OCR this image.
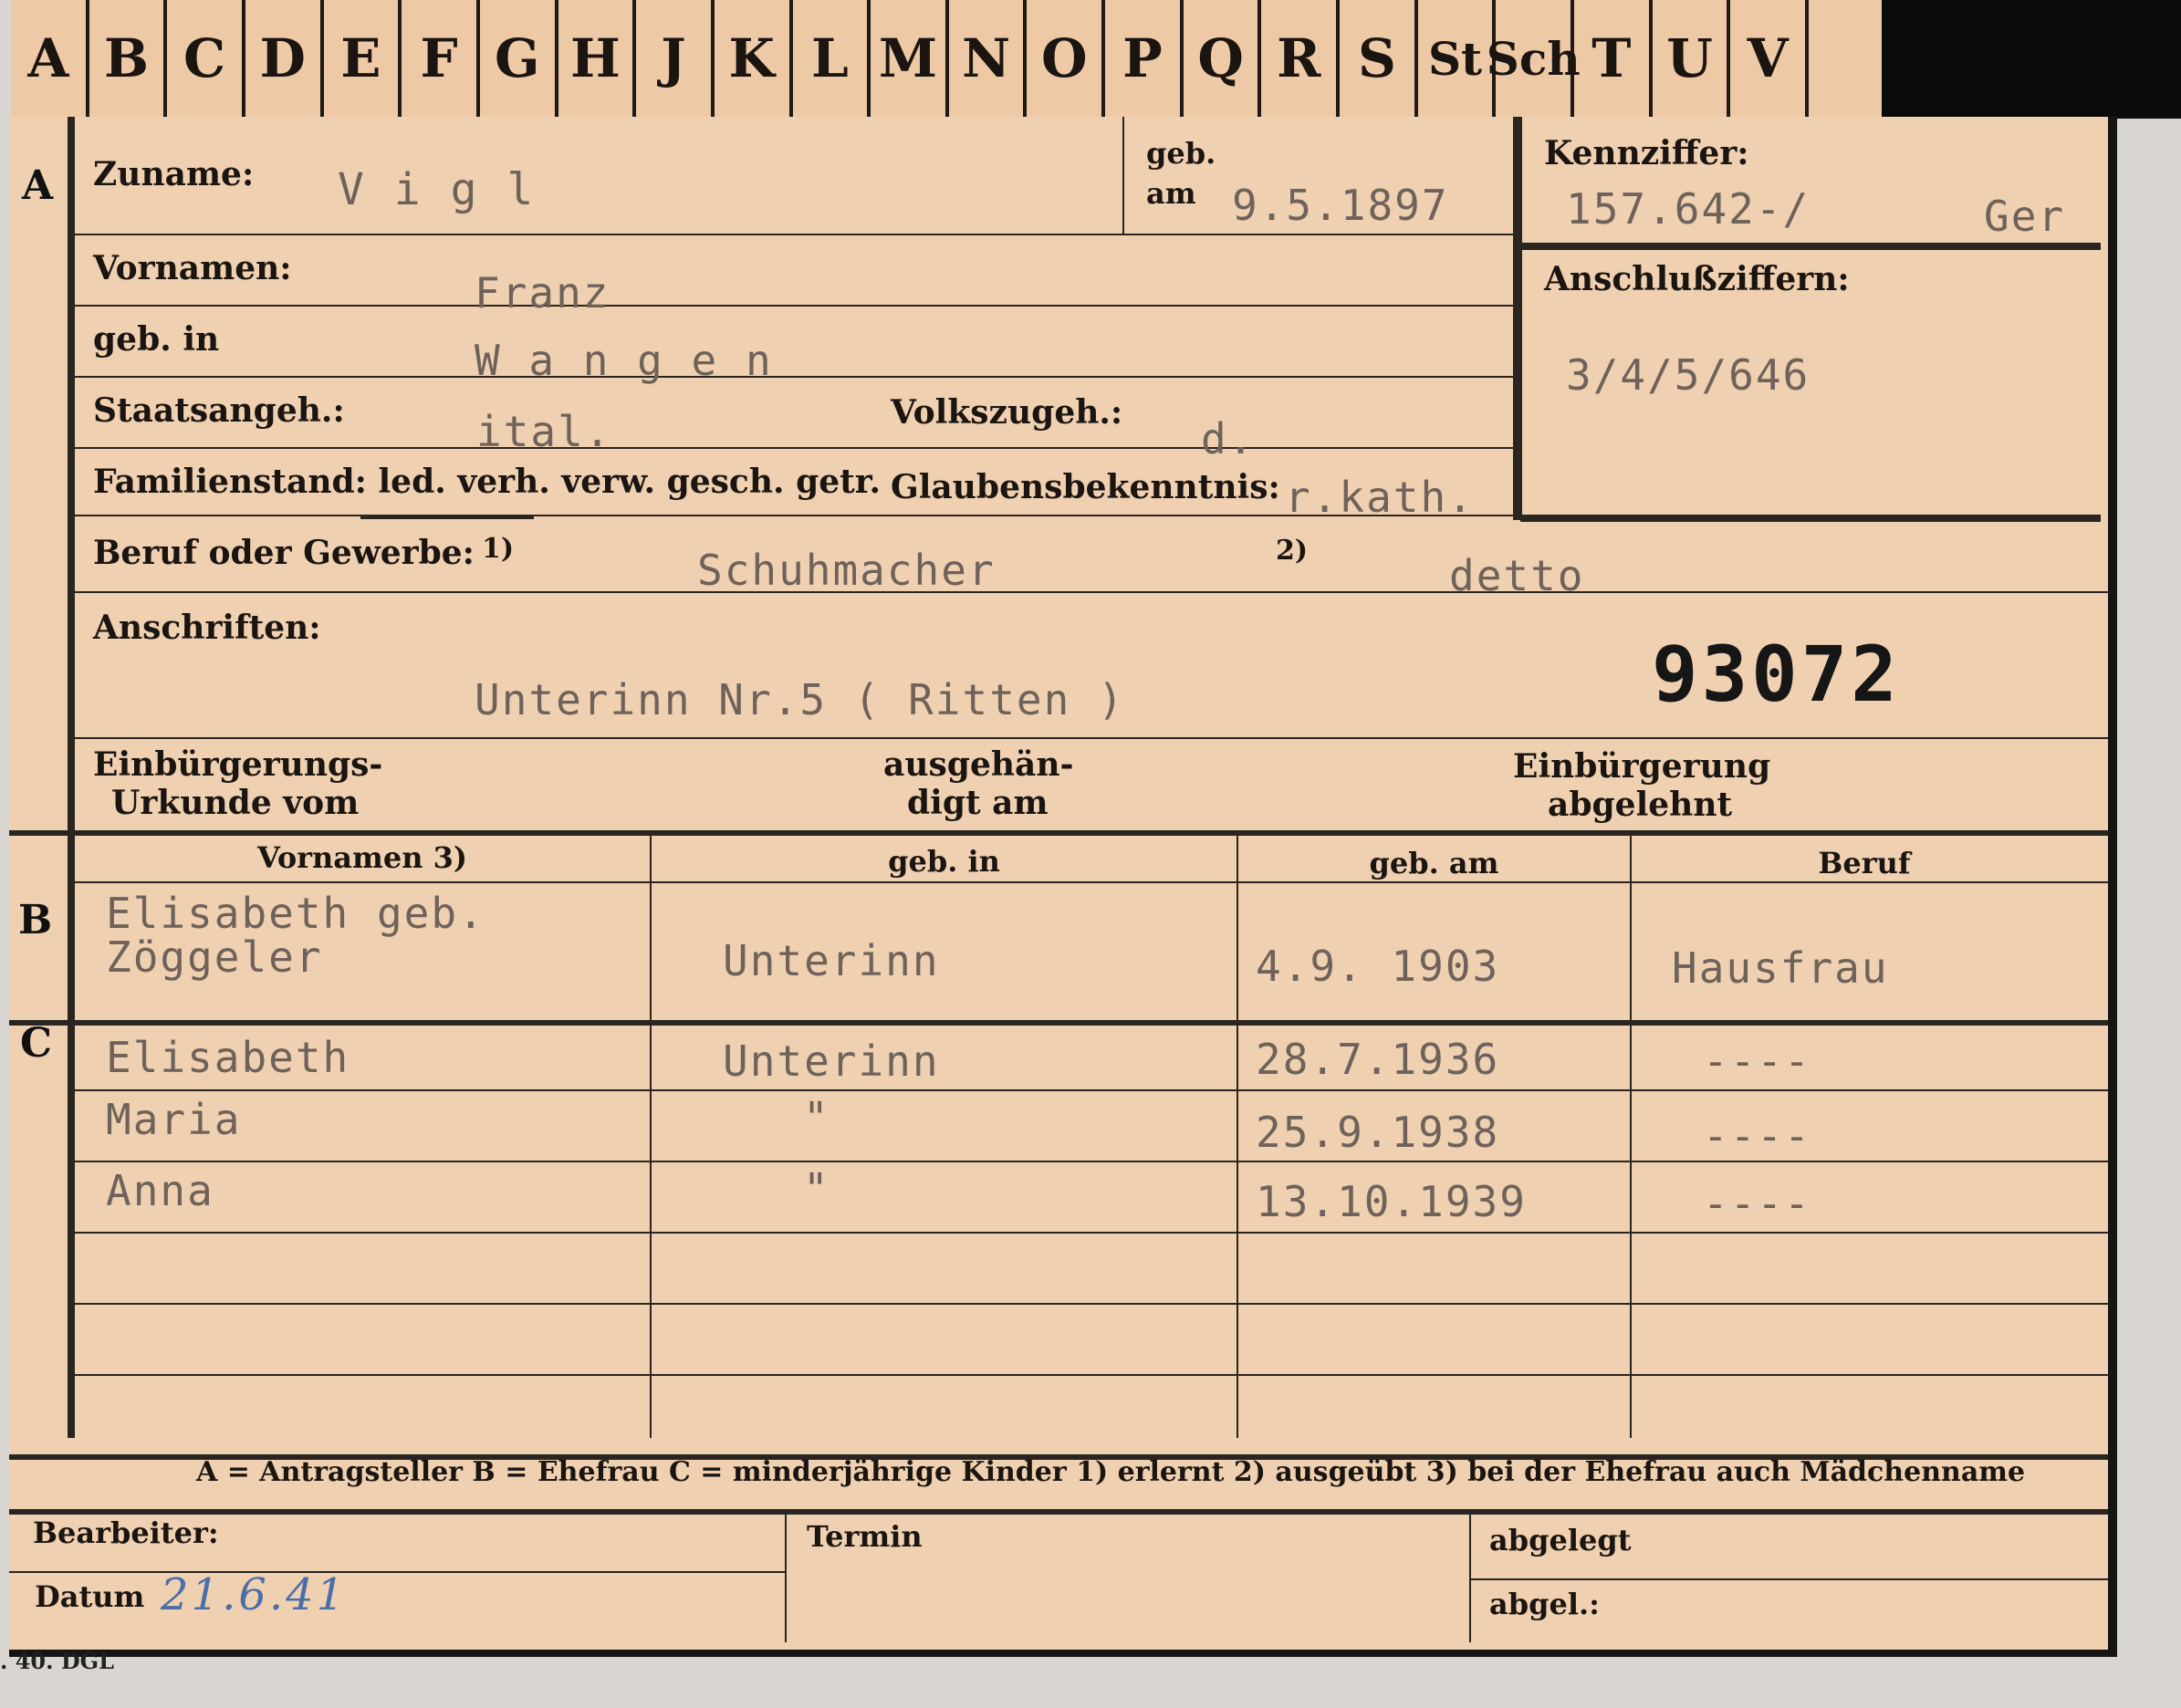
A B C D E F G H J K L M N O P Q R S St Sch T U V
A
B
C
Zuname: V i g l
geb.
am 9.5.1897
Kennziffer:
157.642-/	Ger
Vornamen:	Franz
geb. in	W a n g e n
Staatsangeh.:	ital.	Volkszugeh.:
d.
Anschlußziffern:
3/4/5/646
Familienstand: led. verh. verw. gesch. getr. Glaubensbekenntnis: r.kath.
Beruf oder Gewerbe: 1)	Schuhmacher	2)
detto
Anschriften:
Unterinn Nr.5 ( Ritten )	93072
Einbürgerungs-
Urkunde vom
ausgehän-
digt am
Einbürgerung
abgelehnt
Vornamen 3)	geb. in	geb. am	Beruf
Elisabeth geb.
Zöggeler	Unterinn	4.9. 1903	Hausfrau
Elisabeth	Unterinn	28.7.1936	----
Maria	"	25.9.1938	----
Anna	"	13.10.1939	----
A = Antragsteller B = Ehefrau C = minderjährige Kinder 1) erlernt 2) ausgeübt 3) bei der Ehefrau auch Mädchenname
Bearbeiter:
Datum 21.6.41
Termin	abgelegt
abgel.:
. 40. DGL
